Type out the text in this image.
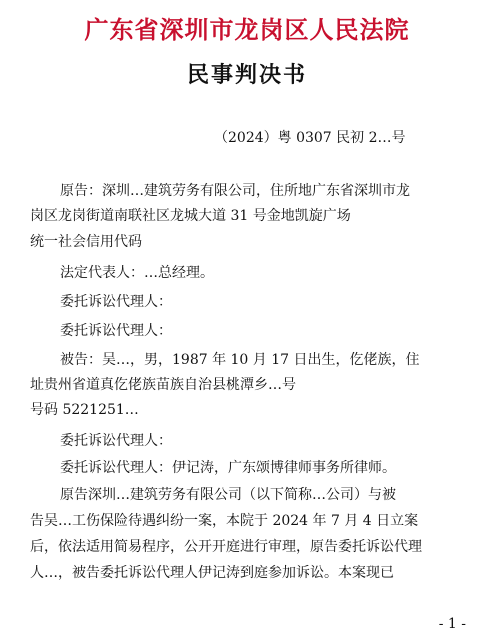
广东省深圳市龙岗区人民法院
民事判决书
（2024）粤 0307 民初 2…号
原告：深圳…建筑劳务有限公司，住所地广东省深圳市龙
岗区龙岗街道南联社区龙城大道 31 号金地凯旋广场
统一社会信用代码
法定代表人：…总经理。
委托诉讼代理人：
委托诉讼代理人：
被告：吴…，男，1987 年 10 月 17 日出生，仡佬族，住
址贵州省道真仡佬族苗族自治县桃潭乡…号
号码 5221251…
委托诉讼代理人：
委托诉讼代理人：伊记涛，广东颂博律师事务所律师。
原告深圳…建筑劳务有限公司（以下简称…公司）与被
告吴…工伤保险待遇纠纷一案，本院于 2024 年 7 月 4 日立案
后，依法适用简易程序，公开开庭进行审理，原告委托诉讼代理
人…，被告委托诉讼代理人伊记涛到庭参加诉讼。本案现已
- 1 -
